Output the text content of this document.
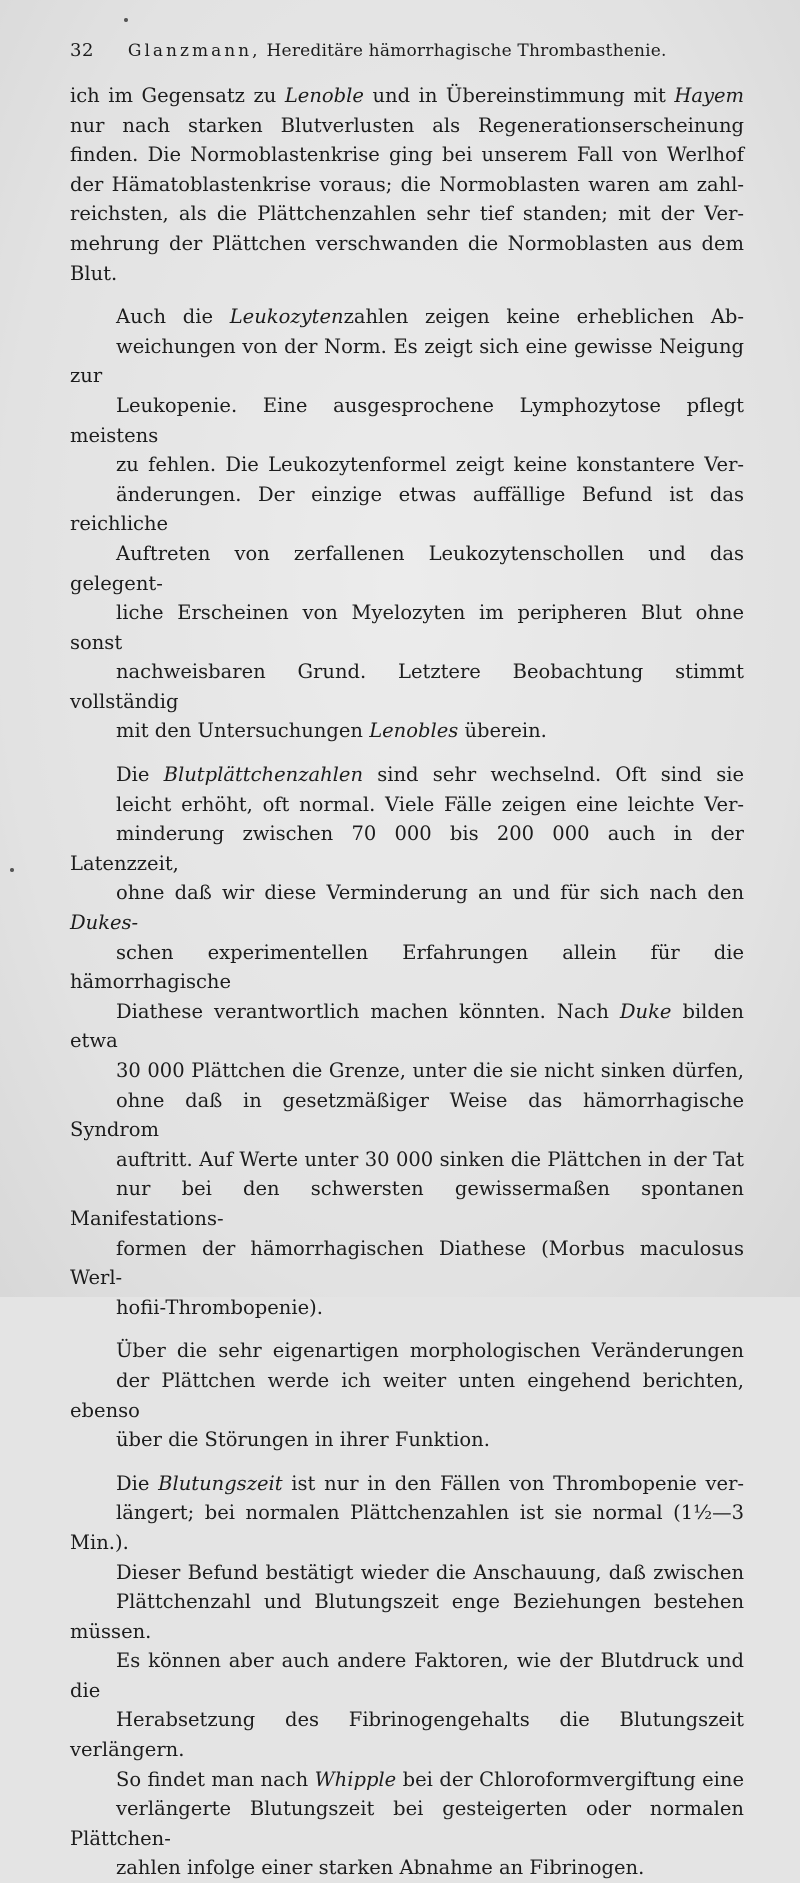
32 Glanzmann, Hereditäre hämorrhagische Thrombasthenie.
ich im Gegensatz zu Lenoble und in Übereinstimmung mit Hayem
nur nach starken Blutverlusten als Regenerationserscheinung
finden. Die Normoblastenkrise ging bei unserem Fall von Werlhof
der Hämatoblastenkrise voraus; die Normoblasten waren am zahl-
reichsten, als die Plättchenzahlen sehr tief standen; mit der Ver-
mehrung der Plättchen verschwanden die Normoblasten aus dem
Blut.
Auch die Leukozytenzahlen zeigen keine erheblichen Ab-
weichungen von der Norm. Es zeigt sich eine gewisse Neigung zur
Leukopenie. Eine ausgesprochene Lymphozytose pflegt meistens
zu fehlen. Die Leukozytenformel zeigt keine konstantere Ver-
änderungen. Der einzige etwas auffällige Befund ist das reichliche
Auftreten von zerfallenen Leukozytenschollen und das gelegent-
liche Erscheinen von Myelozyten im peripheren Blut ohne sonst
nachweisbaren Grund. Letztere Beobachtung stimmt vollständig
mit den Untersuchungen Lenobles überein.
Die Blutplättchenzahlen sind sehr wechselnd. Oft sind sie
leicht erhöht, oft normal. Viele Fälle zeigen eine leichte Ver-
minderung zwischen 70 000 bis 200 000 auch in der Latenzzeit,
ohne daß wir diese Verminderung an und für sich nach den Dukes-
schen experimentellen Erfahrungen allein für die hämorrhagische
Diathese verantwortlich machen könnten. Nach Duke bilden etwa
30 000 Plättchen die Grenze, unter die sie nicht sinken dürfen,
ohne daß in gesetzmäßiger Weise das hämorrhagische Syndrom
auftritt. Auf Werte unter 30 000 sinken die Plättchen in der Tat
nur bei den schwersten gewissermaßen spontanen Manifestations-
formen der hämorrhagischen Diathese (Morbus maculosus Werl-
hofii-Thrombopenie).
Über die sehr eigenartigen morphologischen Veränderungen
der Plättchen werde ich weiter unten eingehend berichten, ebenso
über die Störungen in ihrer Funktion.
Die Blutungszeit ist nur in den Fällen von Thrombopenie ver-
längert; bei normalen Plättchenzahlen ist sie normal (1½—3 Min.).
Dieser Befund bestätigt wieder die Anschauung, daß zwischen
Plättchenzahl und Blutungszeit enge Beziehungen bestehen müssen.
Es können aber auch andere Faktoren, wie der Blutdruck und die
Herabsetzung des Fibrinogengehalts die Blutungszeit verlängern.
So findet man nach Whipple bei der Chloroformvergiftung eine
verlängerte Blutungszeit bei gesteigerten oder normalen Plättchen-
zahlen infolge einer starken Abnahme an Fibrinogen.
